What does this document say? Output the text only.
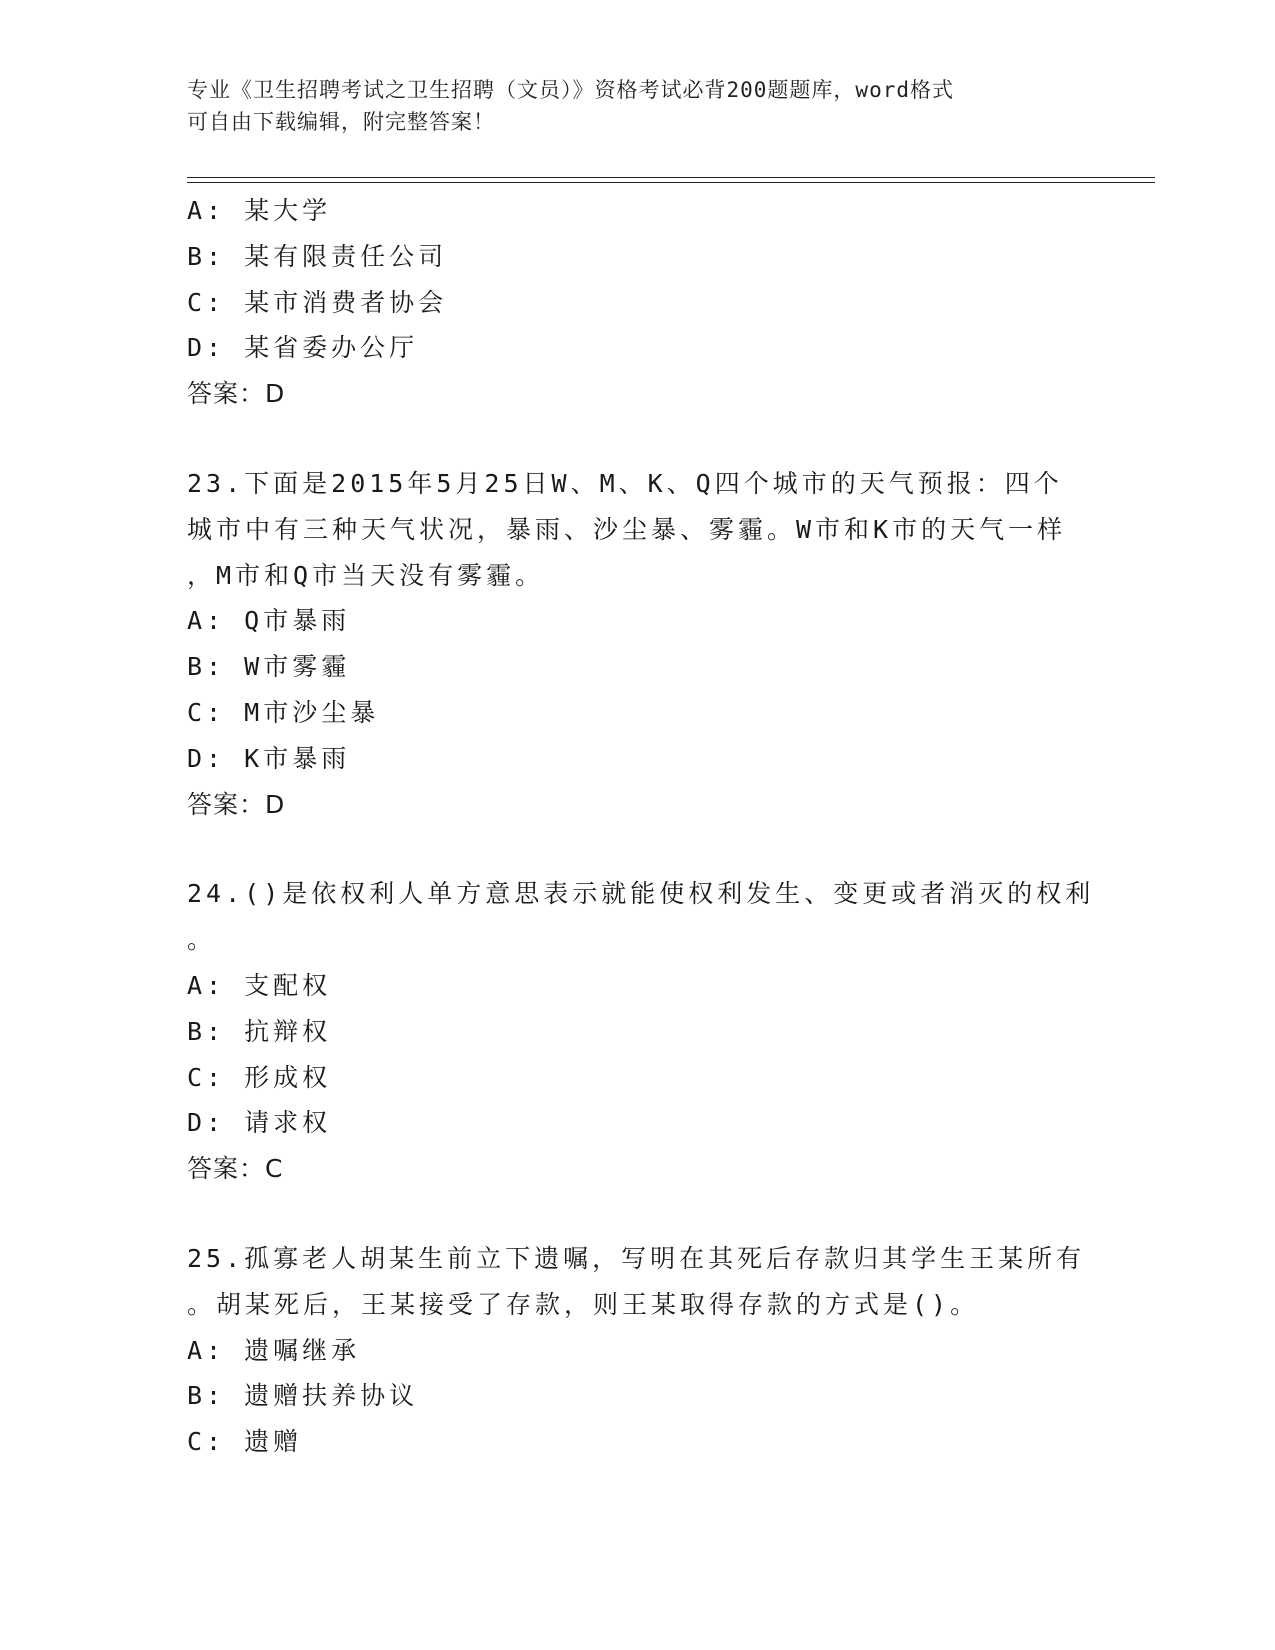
专业《卫生招聘考试之卫生招聘（文员）》资格考试必背200题题库，word格式
可自由下载编辑，附完整答案！
A: 某大学
B: 某有限责任公司
C: 某市消费者协会
D: 某省委办公厅
答案：D
23.下面是2015年5月25日W、M、K、Q四个城市的天气预报：四个
城市中有三种天气状况，暴雨、沙尘暴、雾霾。W市和K市的天气一样
，M市和Q市当天没有雾霾。
A: Q市暴雨
B: W市雾霾
C: M市沙尘暴
D: K市暴雨
答案：D
24.()是依权利人单方意思表示就能使权利发生、变更或者消灭的权利
。
A: 支配权
B: 抗辩权
C: 形成权
D: 请求权
答案：C
25.孤寡老人胡某生前立下遗嘱，写明在其死后存款归其学生王某所有
。胡某死后，王某接受了存款，则王某取得存款的方式是()。
A: 遗嘱继承
B: 遗赠扶养协议
C: 遗赠
